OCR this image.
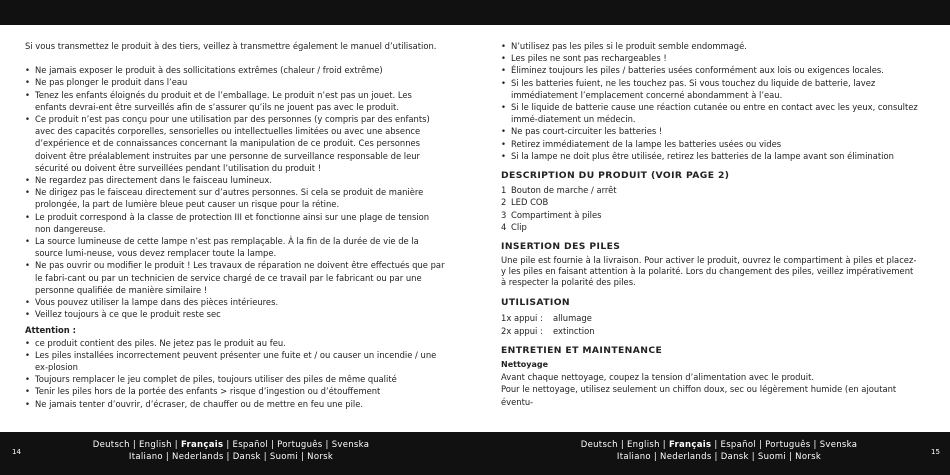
Si vous transmettez le produit à des tiers, veillez à transmettre également le manuel d’utilisation.

• Ne jamais exposer le produit à des sollicitations extrêmes (chaleur / froid extrême)
• Ne pas plonger le produit dans l’eau
• Tenez les enfants éloignés du produit et de l’emballage. Le produit n’est pas un jouet. Les enfants devrai-ent être surveillés afin de s’assurer qu’ils ne jouent pas avec le produit.
• Ce produit n’est pas conçu pour une utilisation par des personnes (y compris par des enfants) avec des capacités corporelles, sensorielles ou intellectuelles limitées ou avec une absence d’expérience et de connaissances concernant la manipulation de ce produit. Ces personnes doivent être préalablement instruites par une personne de surveillance responsable de leur sécurité ou doivent être surveillées pendant l’utilisation du produit !
• Ne regardez pas directement dans le faisceau lumineux.
• Ne dirigez pas le faisceau directement sur d’autres personnes. Si cela se produit de manière prolongée, la part de lumière bleue peut causer un risque pour la rétine.
• Le produit correspond à la classe de protection III et fonctionne ainsi sur une plage de tension non dangereuse.
• La source lumineuse de cette lampe n’est pas remplaçable. À la fin de la durée de vie de la source lumi-neuse, vous devez remplacer toute la lampe.
• Ne pas ouvrir ou modifier le produit ! Les travaux de réparation ne doivent être effectués que par le fabri-cant ou par un technicien de service chargé de ce travail par le fabricant ou par une personne qualifiée de manière similaire !
• Vous pouvez utiliser la lampe dans des pièces intérieures.
• Veillez toujours à ce que le produit reste sec

Attention :

• ce produit contient des piles. Ne jetez pas le produit au feu.
• Les piles installées incorrectement peuvent présenter une fuite et / ou causer un incendie / une ex-plosion
• Toujours remplacer le jeu complet de piles, toujours utiliser des piles de même qualité
• Tenir les piles hors de la portée des enfants > risque d’ingestion ou d’étouffement
• Ne jamais tenter d’ouvrir, d’écraser, de chauffer ou de mettre en feu une pile.
• N’utilisez pas les piles si le produit semble endommagé.
• Les piles ne sont pas rechargeables !
• Éliminez toujours les piles / batteries usées conformément aux lois ou exigences locales.
• Si les batteries fuient, ne les touchez pas. Si vous touchez du liquide de batterie, lavez immédiatement l’emplacement concerné abondamment à l’eau.
• Si le liquide de batterie cause une réaction cutanée ou entre en contact avec les yeux, consultez immé-diatement un médecin.
• Ne pas court-circuiter les batteries !
• Retirez immédiatement de la lampe les batteries usées ou vides
• Si la lampe ne doit plus être utilisée, retirez les batteries de la lampe avant son élimination
DESCRIPTION DU PRODUIT (VOIR PAGE 2)
1 Bouton de marche / arrêt
2 LED COB
3 Compartiment à piles
4 Clip
INSERTION DES PILES

Une pile est fournie à la livraison. Pour activer le produit, ouvrez le compartiment à piles et placez-y les piles en faisant attention à la polarité. Lors du changement des piles, veillez impérativement à respecter la polarité des piles.

UTILISATION
1x appui :	allumage
2x appui :	extinction
ENTRETIEN ET MAINTENANCE

Nettoyage

Avant chaque nettoyage, coupez la tension d’alimentation avec le produit.

Pour le nettoyage, utilisez seulement un chiffon doux, sec ou légèrement humide (en ajoutant éventu-

14	15
Deutsch | English | Français | Español | Português | Svenska
Italiano | Nederlands | Dansk | Suomi | Norsk
Deutsch | English | Français | Español | Português | Svenska
Italiano | Nederlands | Dansk | Suomi | Norsk
